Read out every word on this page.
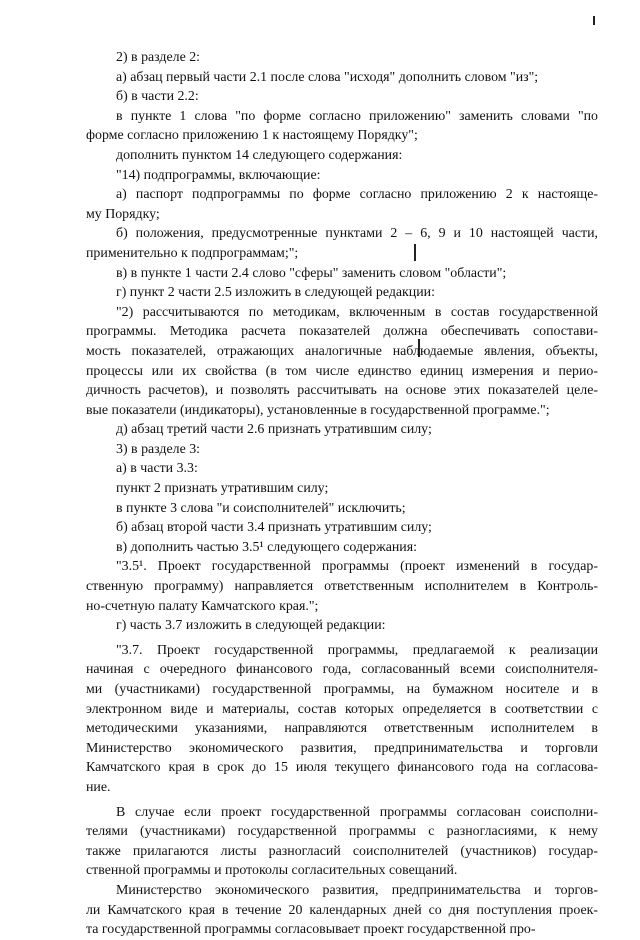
2) в разделе 2:
а) абзац первый части 2.1 после слова "исходя" дополнить словом "из";
б) в части 2.2:
в пункте 1 слова "по форме согласно приложению" заменить словами "по
форме согласно приложению 1 к настоящему Порядку";
дополнить пунктом 14 следующего содержания:
"14) подпрограммы, включающие:
а) паспорт подпрограммы по форме согласно приложению 2 к настояще-
му Порядку;
б) положения, предусмотренные пунктами 2 – 6, 9 и 10 настоящей части,
применительно к подпрограммам;";
в) в пункте 1 части 2.4 слово "сферы" заменить словом "области";
г) пункт 2 части 2.5 изложить в следующей редакции:
"2) рассчитываются по методикам, включенным в состав государственной
программы. Методика расчета показателей должна обеспечивать сопостави-
мость показателей, отражающих аналогичные наблюдаемые явления, объекты,
процессы или их свойства (в том числе единство единиц измерения и перио-
дичность расчетов), и позволять рассчитывать на основе этих показателей целе-
вые показатели (индикаторы), установленные в государственной программе.";
д) абзац третий части 2.6 признать утратившим силу;
3) в разделе 3:
а) в части 3.3:
пункт 2 признать утратившим силу;
в пункте 3 слова "и соисполнителей" исключить;
б) абзац второй части 3.4 признать утратившим силу;
в) дополнить частью 3.5¹ следующего содержания:
"3.5¹. Проект государственной программы (проект изменений в государ-
ственную программу) направляется ответственным исполнителем в Контроль-
но-счетную палату Камчатского края.";
г) часть 3.7 изложить в следующей редакции:
"3.7. Проект государственной программы, предлагаемой к реализации
начиная с очередного финансового года, согласованный всеми соисполнителя-
ми (участниками) государственной программы, на бумажном носителе и в
электронном виде и материалы, состав которых определяется в соответствии с
методическими указаниями, направляются ответственным исполнителем в
Министерство экономического развития, предпринимательства и торговли
Камчатского края в срок до 15 июля текущего финансового года на согласова-
ние.
В случае если проект государственной программы согласован соисполни-
телями (участниками) государственной программы с разногласиями, к нему
также прилагаются листы разногласий соисполнителей (участников) государ-
ственной программы и протоколы согласительных совещаний.
Министерство экономического развития, предпринимательства и торгов-
ли Камчатского края в течение 20 календарных дней со дня поступления проек-
та государственной программы согласовывает проект государственной про-
